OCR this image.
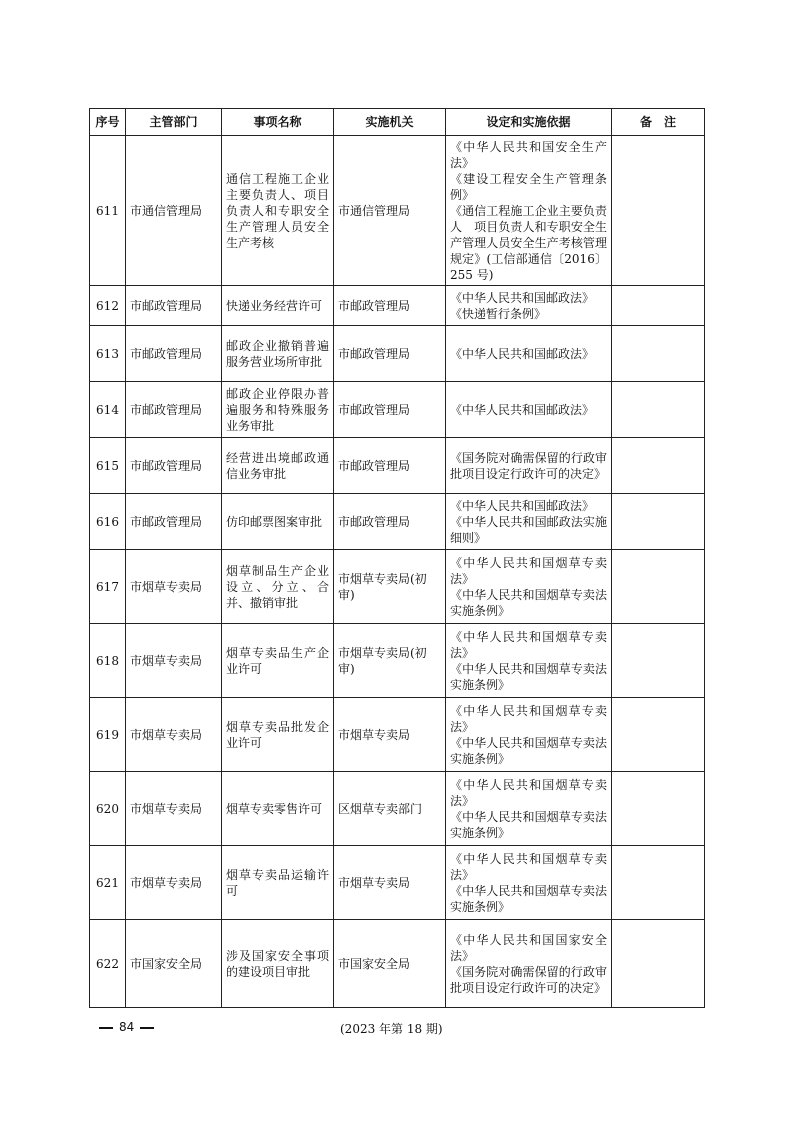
序号	主管部门	事项名称	实施机关	设定和实施依据	备　注
611	市通信管理局	通信工程施工企业主要负责人、项目负责人和专职安全生产管理人员安全生产考核	市通信管理局	《中华人民共和国安全生产法》
《建设工程安全生产管理条例》
《通信工程施工企业主要负责人　项目负责人和专职安全生产管理人员安全生产考核管理规定》(工信部通信〔2016〕255 号)	

612	市邮政管理局	快递业务经营许可	市邮政管理局	《中华人民共和国邮政法》
《快递暂行条例》	

613	市邮政管理局	邮政企业撤销普遍服务营业场所审批	市邮政管理局	《中华人民共和国邮政法》	

614	市邮政管理局	邮政企业停限办普遍服务和特殊服务业务审批	市邮政管理局	《中华人民共和国邮政法》	

615	市邮政管理局	经营进出境邮政通信业务审批	市邮政管理局	《国务院对确需保留的行政审批项目设定行政许可的决定》	

616	市邮政管理局	仿印邮票图案审批	市邮政管理局	《中华人民共和国邮政法》
《中华人民共和国邮政法实施细则》	

617	市烟草专卖局	烟草制品生产企业设立、分立、合并、撤销审批	市烟草专卖局(初审)	《中华人民共和国烟草专卖法》
《中华人民共和国烟草专卖法实施条例》	

618	市烟草专卖局	烟草专卖品生产企业许可	市烟草专卖局(初审)	《中华人民共和国烟草专卖法》
《中华人民共和国烟草专卖法实施条例》	

619	市烟草专卖局	烟草专卖品批发企业许可	市烟草专卖局	《中华人民共和国烟草专卖法》
《中华人民共和国烟草专卖法实施条例》	

620	市烟草专卖局	烟草专卖零售许可	区烟草专卖部门	《中华人民共和国烟草专卖法》
《中华人民共和国烟草专卖法实施条例》	

621	市烟草专卖局	烟草专卖品运输许可	市烟草专卖局	《中华人民共和国烟草专卖法》
《中华人民共和国烟草专卖法实施条例》	

622	市国家安全局	涉及国家安全事项的建设项目审批	市国家安全局	《中华人民共和国国家安全法》
《国务院对确需保留的行政审批项目设定行政许可的决定》	

84	(2023 年第 18 期)
